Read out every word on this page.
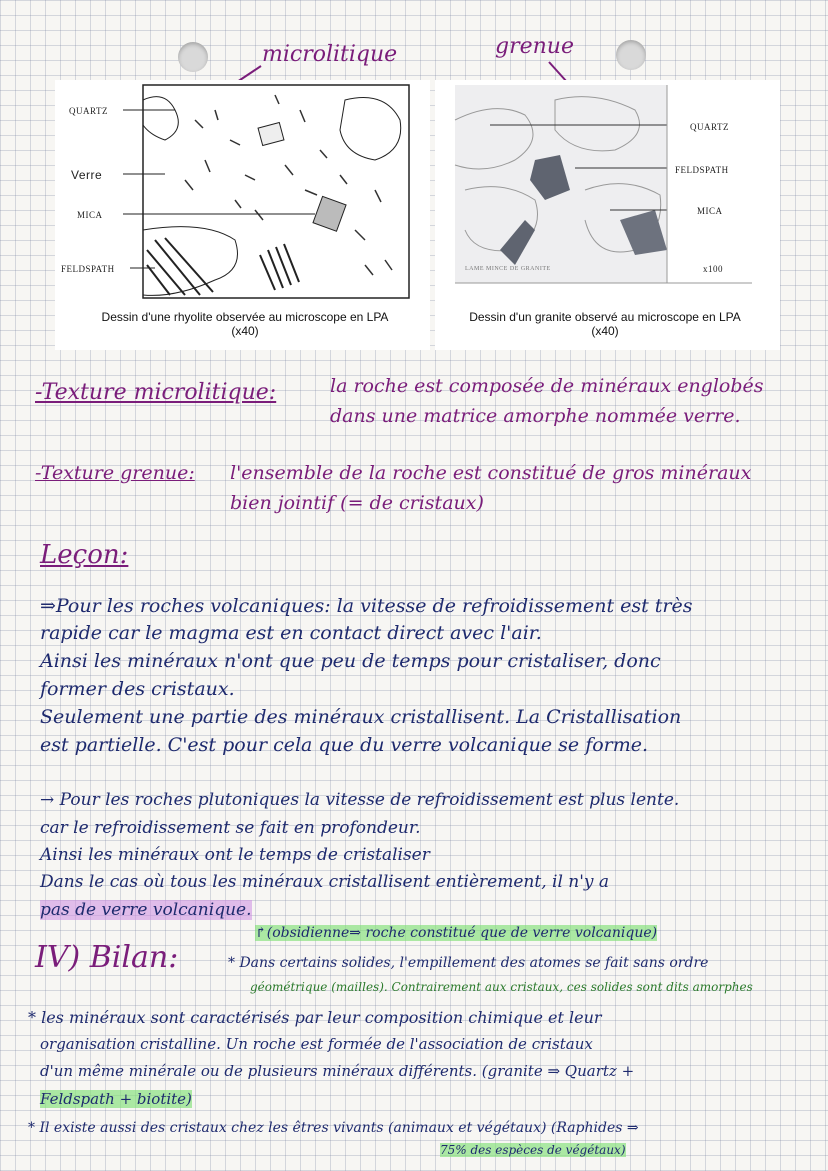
microlitique	grenue
QUARTZ
Verre
MICA
FELDSPATH
Dessin d'une rhyolite observée au microscope en LPA
(x40)
QUARTZ
FELDSPATH
MICA
LAME MINCE DE GRANITE	x100
Dessin d'un granite observé au microscope en LPA
(x40)
-Texture microlitique:	la roche est composée de minéraux englobés
dans une matrice amorphe nommée verre.
-Texture grenue: l'ensemble de la roche est constitué de gros minéraux
bien jointif (= de cristaux)
Leçon:
⇒Pour les roches volcaniques: la vitesse de refroidissement est très
rapide car le magma est en contact direct avec l'air.
Ainsi les minéraux n'ont que peu de temps pour cristaliser, donc
former des cristaux.
Seulement une partie des minéraux cristallisent. La Cristallisation
est partielle. C'est pour cela que du verre volcanique se forme.
→ Pour les roches plutoniques la vitesse de refroidissement est plus lente.
car le refroidissement se fait en profondeur.
Ainsi les minéraux ont le temps de cristaliser
Dans le cas où tous les minéraux cristallisent entièrement, il n'y a
pas de verre volcanique.
↱(obsidienne⇒ roche constitué que de verre volcanique)
IV) Bilan:	* Dans certains solides, l'empillement des atomes se fait sans ordre
géométrique (mailles). Contrairement aux cristaux, ces solides sont dits amorphes
* les minéraux sont caractérisés par leur composition chimique et leur
organisation cristalline. Un roche est formée de l'association de cristaux
d'un même minérale ou de plusieurs minéraux différents. (granite ⇒ Quartz +
Feldspath + biotite)
* Il existe aussi des cristaux chez les êtres vivants (animaux et végétaux) (Raphides ⇒
75% des espèces de végétaux)
